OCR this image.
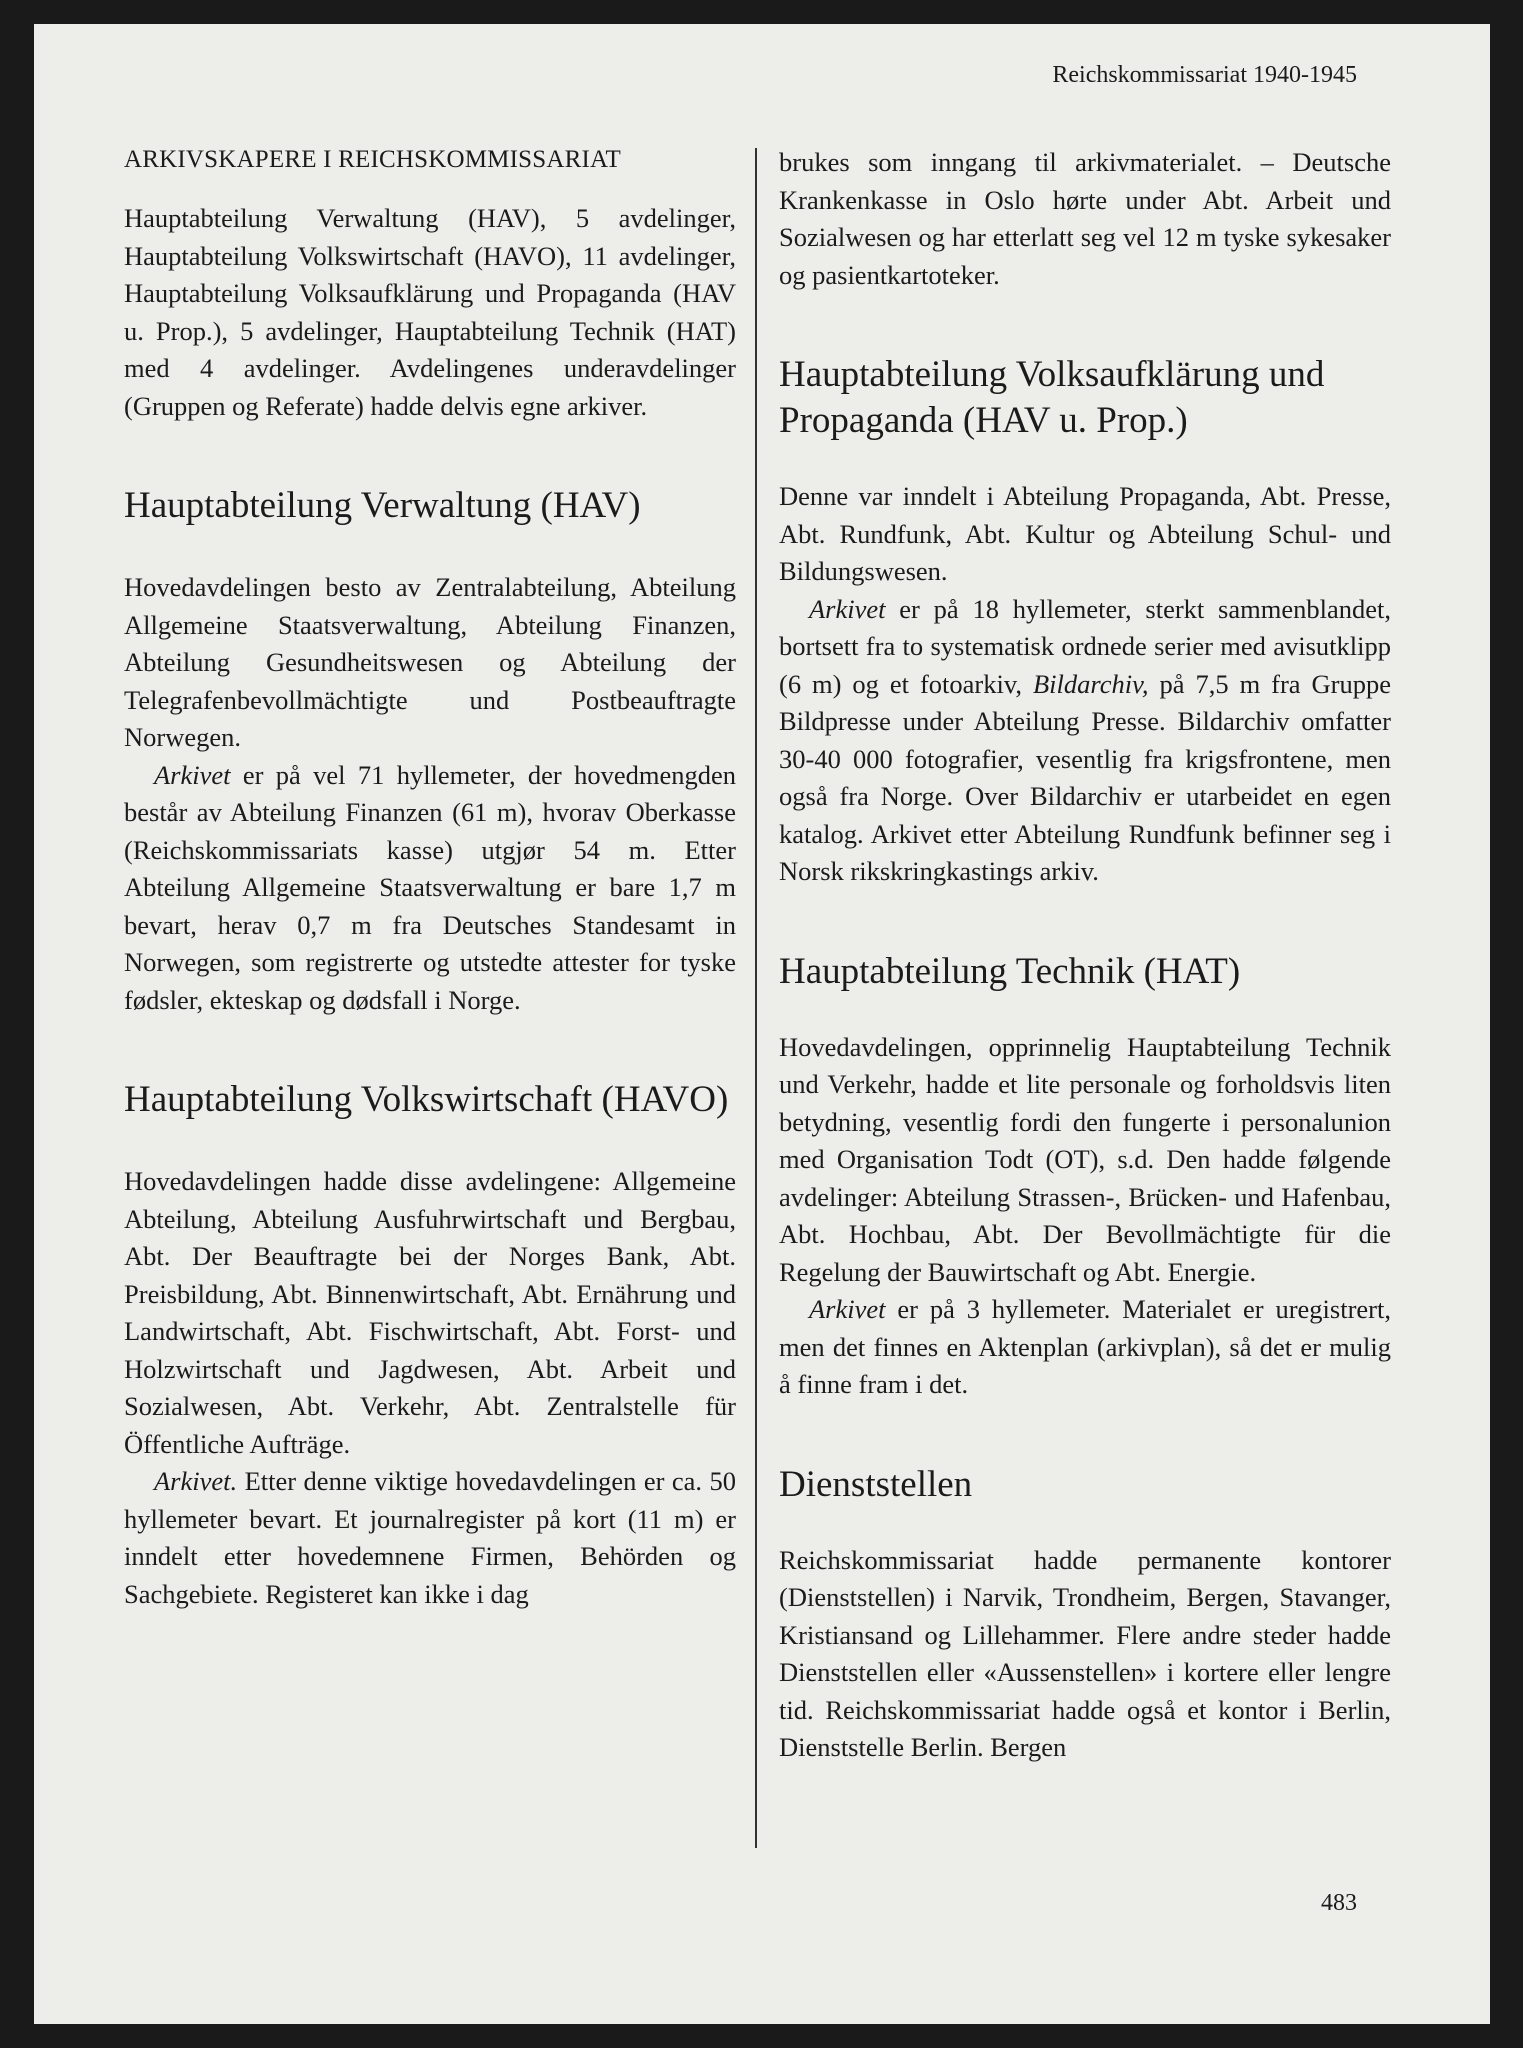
Reichskommissariat 1940-1945
ARKIVSKAPERE I REICHSKOMMISSARIAT

Hauptabteilung Verwaltung (HAV), 5 avdelinger, Hauptabteilung Volkswirtschaft (HAVO), 11 avdelinger, Hauptabteilung Volksaufklärung und Propaganda (HAV u. Prop.), 5 avdelinger, Hauptabteilung Technik (HAT) med 4 avdelinger. Avdelingenes underavdelinger (Gruppen og Referate) hadde delvis egne arkiver.

Hauptabteilung Verwaltung (HAV)

Hovedavdelingen besto av Zentralabteilung, Abteilung Allgemeine Staatsverwaltung, Abteilung Finanzen, Abteilung Gesundheitswesen og Abteilung der Telegrafenbevollmächtigte und Postbeauftragte Norwegen.

Arkivet er på vel 71 hyllemeter, der hovedmengden består av Abteilung Finanzen (61 m), hvorav Oberkasse (Reichskommissariats kasse) utgjør 54 m. Etter Abteilung Allgemeine Staatsverwaltung er bare 1,7 m bevart, herav 0,7 m fra Deutsches Standesamt in Norwegen, som registrerte og utstedte attester for tyske fødsler, ekteskap og dødsfall i Norge.

Hauptabteilung Volkswirtschaft (HAVO)

Hovedavdelingen hadde disse avdelingene: Allgemeine Abteilung, Abteilung Ausfuhrwirtschaft und Bergbau, Abt. Der Beauftragte bei der Norges Bank, Abt. Preisbildung, Abt. Binnenwirtschaft, Abt. Ernährung und Landwirtschaft, Abt. Fischwirtschaft, Abt. Forst- und Holzwirtschaft und Jagdwesen, Abt. Arbeit und Sozialwesen, Abt. Verkehr, Abt. Zentralstelle für Öffentliche Aufträge.

Arkivet. Etter denne viktige hovedavdelingen er ca. 50 hyllemeter bevart. Et journalregister på kort (11 m) er inndelt etter hovedemnene Firmen, Behörden og Sachgebiete. Registeret kan ikke i dag

brukes som inngang til arkivmaterialet. – Deutsche Krankenkasse in Oslo hørte under Abt. Arbeit und Sozialwesen og har etterlatt seg vel 12 m tyske sykesaker og pasientkartoteker.

Hauptabteilung Volksaufklärung und Propaganda (HAV u. Prop.)

Denne var inndelt i Abteilung Propaganda, Abt. Presse, Abt. Rundfunk, Abt. Kultur og Abteilung Schul- und Bildungswesen.

Arkivet er på 18 hyllemeter, sterkt sammenblandet, bortsett fra to systematisk ordnede serier med avisutklipp (6 m) og et fotoarkiv, Bildarchiv, på 7,5 m fra Gruppe Bildpresse under Abteilung Presse. Bildarchiv omfatter 30-40 000 fotografier, vesentlig fra krigsfrontene, men også fra Norge. Over Bildarchiv er utarbeidet en egen katalog. Arkivet etter Abteilung Rundfunk befinner seg i Norsk rikskringkastings arkiv.

Hauptabteilung Technik (HAT)

Hovedavdelingen, opprinnelig Hauptabteilung Technik und Verkehr, hadde et lite personale og forholdsvis liten betydning, vesentlig fordi den fungerte i personalunion med Organisation Todt (OT), s.d. Den hadde følgende avdelinger: Abteilung Strassen-, Brücken- und Hafenbau, Abt. Hochbau, Abt. Der Bevollmächtigte für die Regelung der Bauwirtschaft og Abt. Energie.

Arkivet er på 3 hyllemeter. Materialet er uregistrert, men det finnes en Aktenplan (arkivplan), så det er mulig å finne fram i det.

Dienststellen

Reichskommissariat hadde permanente kontorer (Dienststellen) i Narvik, Trondheim, Bergen, Stavanger, Kristiansand og Lillehammer. Flere andre steder hadde Dienststellen eller «Aussenstellen» i kortere eller lengre tid. Reichskommissariat hadde også et kontor i Berlin, Dienststelle Berlin. Bergen

483
